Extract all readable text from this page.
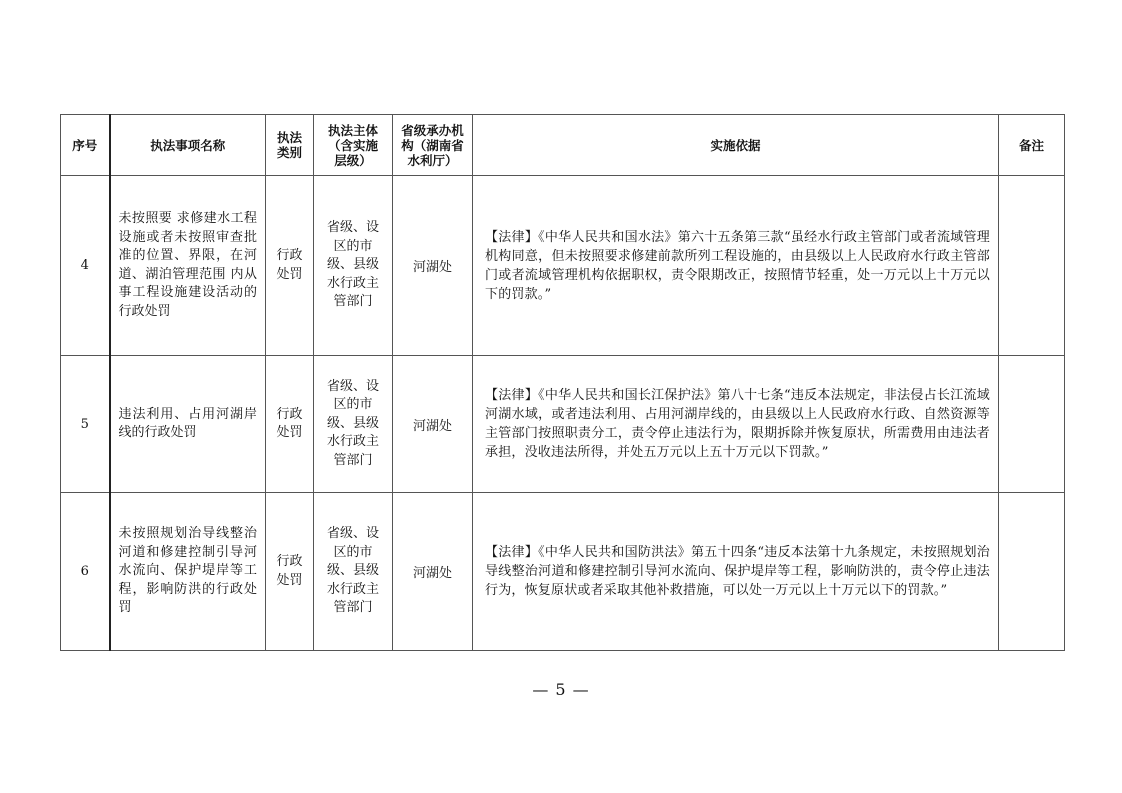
序号	执法事项名称	执法类别	执法主体（含实施层级）	省级承办机构（湖南省水利厅）	实施依据	备注
4	未按照要 求修建水工程设施或者未按照审查批准的位置、界限，在河道、湖泊管理范围 内从事工程设施建设活动的行政处罚	行政处罚	省级、设区的市级、县级水行政主管部门	河湖处	【法律】《中华人民共和国水法》第六十五条第三款“虽经水行政主管部门或者流域管理机构同意，但未按照要求修建前款所列工程设施的，由县级以上人民政府水行政主管部门或者流域管理机构依据职权，责令限期改正，按照情节轻重，处一万元以上十万元以下的罚款。”	
5	违法利用、占用河湖岸线的行政处罚	行政处罚	省级、设区的市级、县级水行政主管部门	河湖处	【法律】《中华人民共和国长江保护法》第八十七条“违反本法规定，非法侵占长江流域河湖水域，或者违法利用、占用河湖岸线的，由县级以上人民政府水行政、自然资源等主管部门按照职责分工，责令停止违法行为，限期拆除并恢复原状，所需费用由违法者承担，没收违法所得，并处五万元以上五十万元以下罚款。”	
6	未按照规划治导线整治河道和修建控制引导河水流向、保护堤岸等工程，影响防洪的行政处罚	行政处罚	省级、设区的市级、县级水行政主管部门	河湖处	【法律】《中华人民共和国防洪法》第五十四条“违反本法第十九条规定，未按照规划治导线整治河道和修建控制引导河水流向、保护堤岸等工程，影响防洪的，责令停止违法行为，恢复原状或者采取其他补救措施，可以处一万元以上十万元以下的罚款。”	
— 5 —
